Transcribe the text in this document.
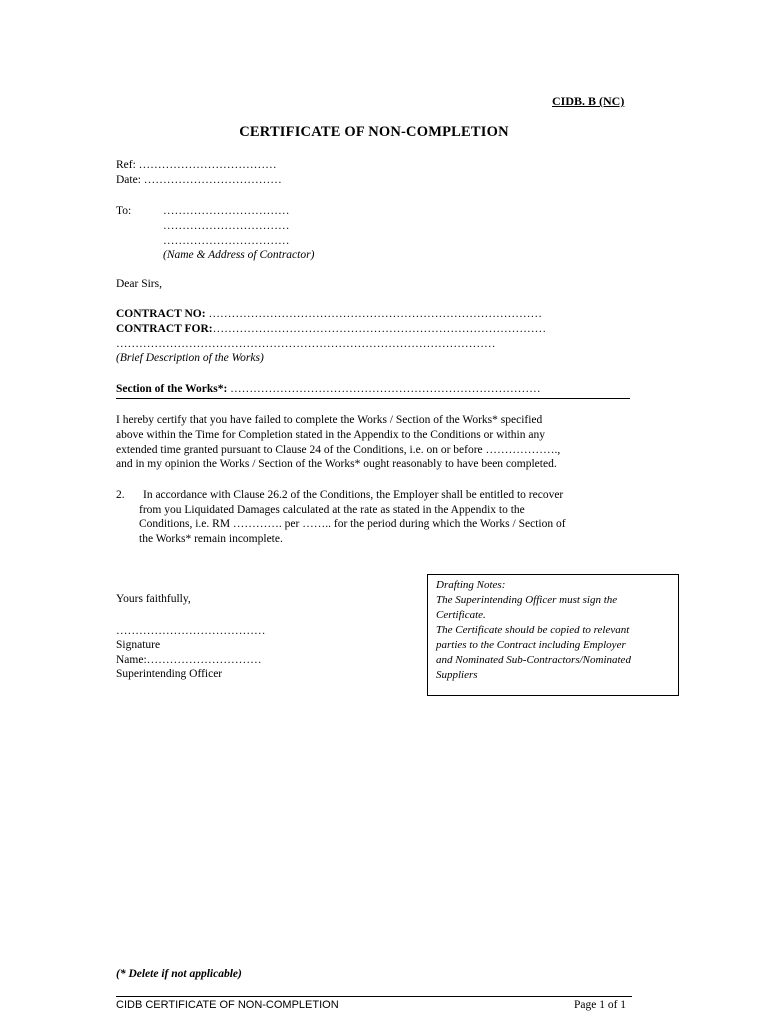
CIDB. B (NC)
CERTIFICATE OF NON-COMPLETION
Ref: ………………………………
Date: ………………………………
To:	……………………………
……………………………
……………………………
(Name & Address of Contractor)
Dear Sirs,
CONTRACT NO: ……………………………………………………………………………
CONTRACT FOR:……………………………………………………………………………
………………………………………………………………………………………
(Brief Description of the Works)
Section of the Works*: ………………………………………………………………………
I hereby certify that you have failed to complete the Works / Section of the Works* specified
above within the Time for Completion stated in the Appendix to the Conditions or within any
extended time granted pursuant to Clause 24 of the Conditions, i.e. on or before ……………….,
and in my opinion the Works / Section of the Works* ought reasonably to have been completed.
2. In accordance with Clause 26.2 of the Conditions, the Employer shall be entitled to recover
from you Liquidated Damages calculated at the rate as stated in the Appendix to the
Conditions, i.e. RM …………. per …….. for the period during which the Works / Section of
the Works* remain incomplete.
Yours faithfully,
…………………………………
Signature
Name:…………………………
Superintending Officer
Drafting Notes:
The Superintending Officer must sign the
Certificate.
The Certificate should be copied to relevant
parties to the Contract including Employer
and Nominated Sub-Contractors/Nominated
Suppliers
(* Delete if not applicable)
CIDB CERTIFICATE OF NON-COMPLETION	Page 1 of 1
